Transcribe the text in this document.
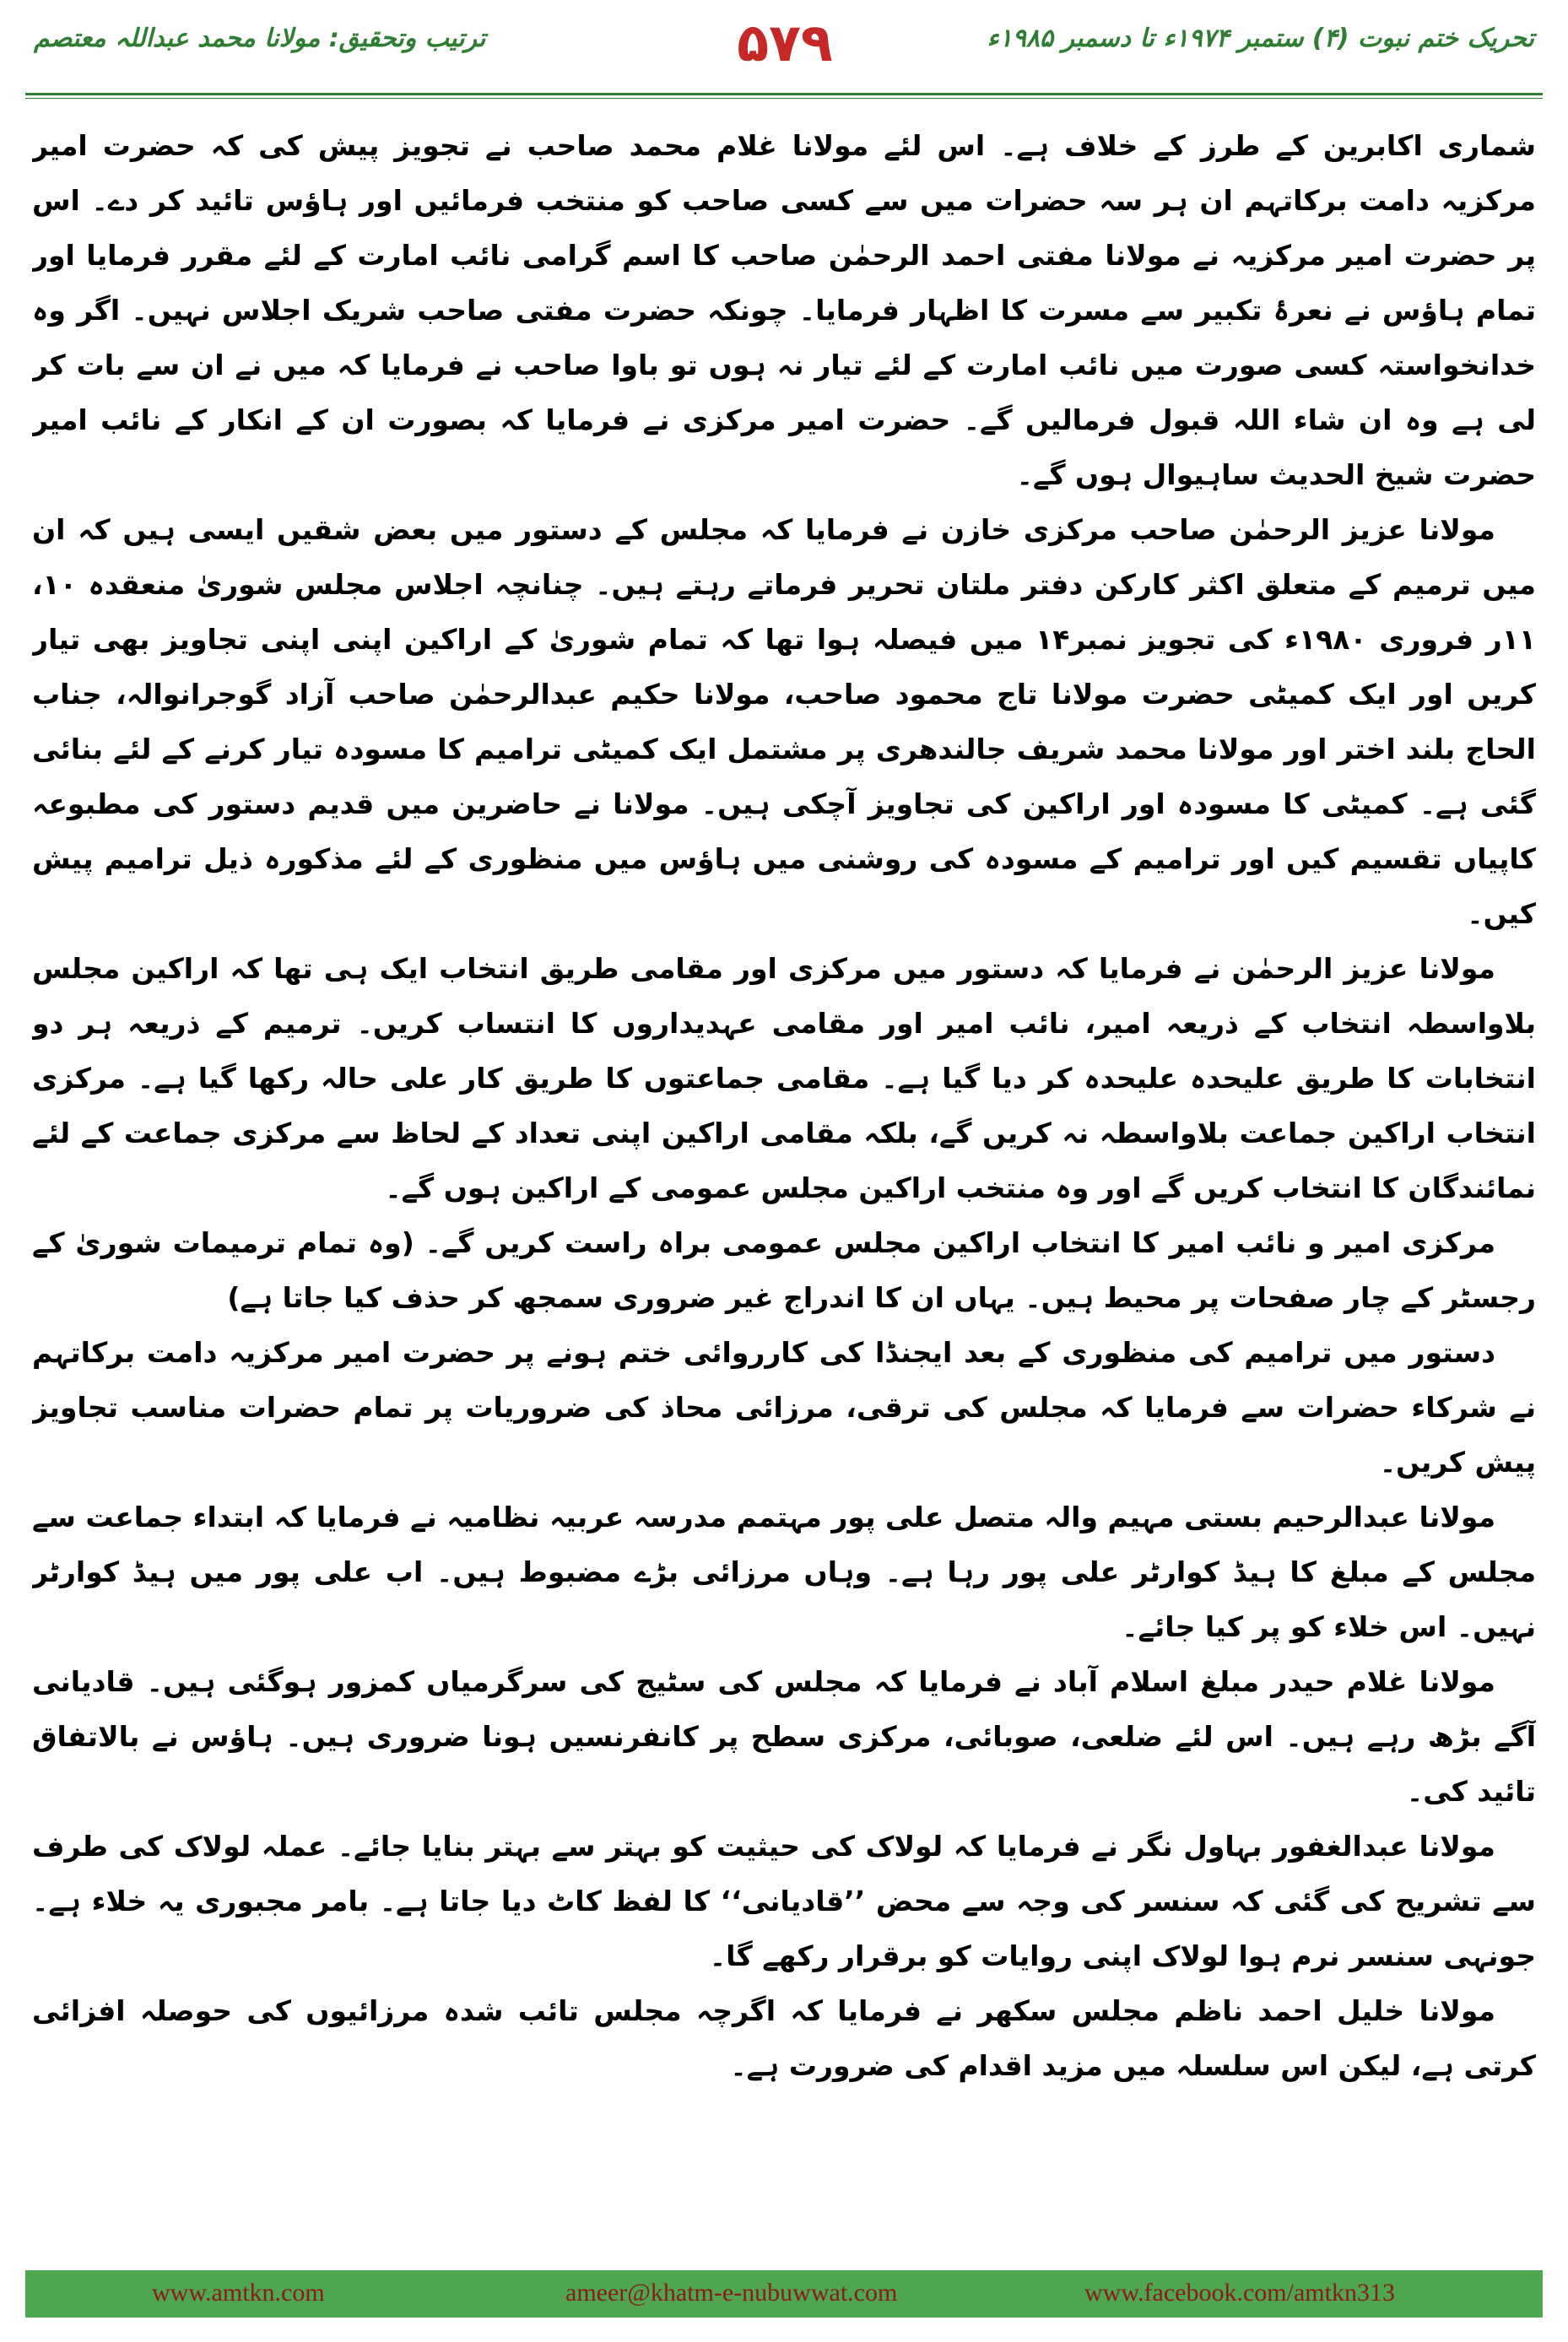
ترتیب وتحقیق: مولانا محمد عبداللہ معتصم	۵۷۹	تحریک ختم نبوت (۴) ستمبر ۱۹۷۴ء تا دسمبر ۱۹۸۵ء

شماری اکابرین کے طرز کے خلاف ہے۔ اس لئے مولانا غلام محمد صاحب نے تجویز پیش کی کہ حضرت امیر مرکزیہ دامت برکاتہم ان ہر سہ حضرات میں سے کسی صاحب کو منتخب فرمائیں اور ہاؤس تائید کر دے۔ اس پر حضرت امیر مرکزیہ نے مولانا مفتی احمد الرحمٰن صاحب کا اسم گرامی نائب امارت کے لئے مقرر فرمایا اور تمام ہاؤس نے نعرۂ تکبیر سے مسرت کا اظہار فرمایا۔ چونکہ حضرت مفتی صاحب شریک اجلاس نہیں۔ اگر وہ خدانخواستہ کسی صورت میں نائب امارت کے لئے تیار نہ ہوں تو باوا صاحب نے فرمایا کہ میں نے ان سے بات کر لی ہے وہ ان شاء اللہ قبول فرمالیں گے۔ حضرت امیر مرکزی نے فرمایا کہ بصورت ان کے انکار کے نائب امیر حضرت شیخ الحدیث ساہیوال ہوں گے۔

مولانا عزیز الرحمٰن صاحب مرکزی خازن نے فرمایا کہ مجلس کے دستور میں بعض شقیں ایسی ہیں کہ ان میں ترمیم کے متعلق اکثر کارکن دفتر ملتان تحریر فرماتے رہتے ہیں۔ چنانچہ اجلاس مجلس شوریٰ منعقدہ ۱۰، ۱۱ر فروری ۱۹۸۰ء کی تجویز نمبر۱۴ میں فیصلہ ہوا تھا کہ تمام شوریٰ کے اراکین اپنی اپنی تجاویز بھی تیار کریں اور ایک کمیٹی حضرت مولانا تاج محمود صاحب، مولانا حکیم عبدالرحمٰن صاحب آزاد گوجرانوالہ، جناب الحاج بلند اختر اور مولانا محمد شریف جالندھری پر مشتمل ایک کمیٹی ترامیم کا مسودہ تیار کرنے کے لئے بنائی گئی ہے۔ کمیٹی کا مسودہ اور اراکین کی تجاویز آچکی ہیں۔ مولانا نے حاضرین میں قدیم دستور کی مطبوعہ کاپیاں تقسیم کیں اور ترامیم کے مسودہ کی روشنی میں ہاؤس میں منظوری کے لئے مذکورہ ذیل ترامیم پیش کیں۔

مولانا عزیز الرحمٰن نے فرمایا کہ دستور میں مرکزی اور مقامی طریق انتخاب ایک ہی تھا کہ اراکین مجلس بلاواسطہ انتخاب کے ذریعہ امیر، نائب امیر اور مقامی عہدیداروں کا انتساب کریں۔ ترمیم کے ذریعہ ہر دو انتخابات کا طریق علیحدہ علیحدہ کر دیا گیا ہے۔ مقامی جماعتوں کا طریق کار علی حالہ رکھا گیا ہے۔ مرکزی انتخاب اراکین جماعت بلاواسطہ نہ کریں گے، بلکہ مقامی اراکین اپنی تعداد کے لحاظ سے مرکزی جماعت کے لئے نمائندگان کا انتخاب کریں گے اور وہ منتخب اراکین مجلس عمومی کے اراکین ہوں گے۔

مرکزی امیر و نائب امیر کا انتخاب اراکین مجلس عمومی براہ راست کریں گے۔ (وہ تمام ترمیمات شوریٰ کے رجسٹر کے چار صفحات پر محیط ہیں۔ یہاں ان کا اندراج غیر ضروری سمجھ کر حذف کیا جاتا ہے)

دستور میں ترامیم کی منظوری کے بعد ایجنڈا کی کارروائی ختم ہونے پر حضرت امیر مرکزیہ دامت برکاتہم نے شرکاء حضرات سے فرمایا کہ مجلس کی ترقی، مرزائی محاذ کی ضروریات پر تمام حضرات مناسب تجاویز پیش کریں۔

مولانا عبدالرحیم بستی مہیم والہ متصل علی پور مہتمم مدرسہ عربیہ نظامیہ نے فرمایا کہ ابتداء جماعت سے مجلس کے مبلغ کا ہیڈ کوارٹر علی پور رہا ہے۔ وہاں مرزائی بڑے مضبوط ہیں۔ اب علی پور میں ہیڈ کوارٹر نہیں۔ اس خلاء کو پر کیا جائے۔

مولانا غلام حیدر مبلغ اسلام آباد نے فرمایا کہ مجلس کی سٹیج کی سرگرمیاں کمزور ہوگئی ہیں۔ قادیانی آگے بڑھ رہے ہیں۔ اس لئے ضلعی، صوبائی، مرکزی سطح پر کانفرنسیں ہونا ضروری ہیں۔ ہاؤس نے بالاتفاق تائید کی۔

مولانا عبدالغفور بہاول نگر نے فرمایا کہ لولاک کی حیثیت کو بہتر سے بہتر بنایا جائے۔ عملہ لولاک کی طرف سے تشریح کی گئی کہ سنسر کی وجہ سے محض ’’قادیانی‘‘ کا لفظ کاٹ دیا جاتا ہے۔ بامر مجبوری یہ خلاء ہے۔ جونہی سنسر نرم ہوا لولاک اپنی روایات کو برقرار رکھے گا۔

مولانا خلیل احمد ناظم مجلس سکھر نے فرمایا کہ اگرچہ مجلس تائب شدہ مرزائیوں کی حوصلہ افزائی کرتی ہے، لیکن اس سلسلہ میں مزید اقدام کی ضرورت ہے۔

www.amtkn.com	ameer@khatm-e-nubuwwat.com	www.facebook.com/amtkn313
